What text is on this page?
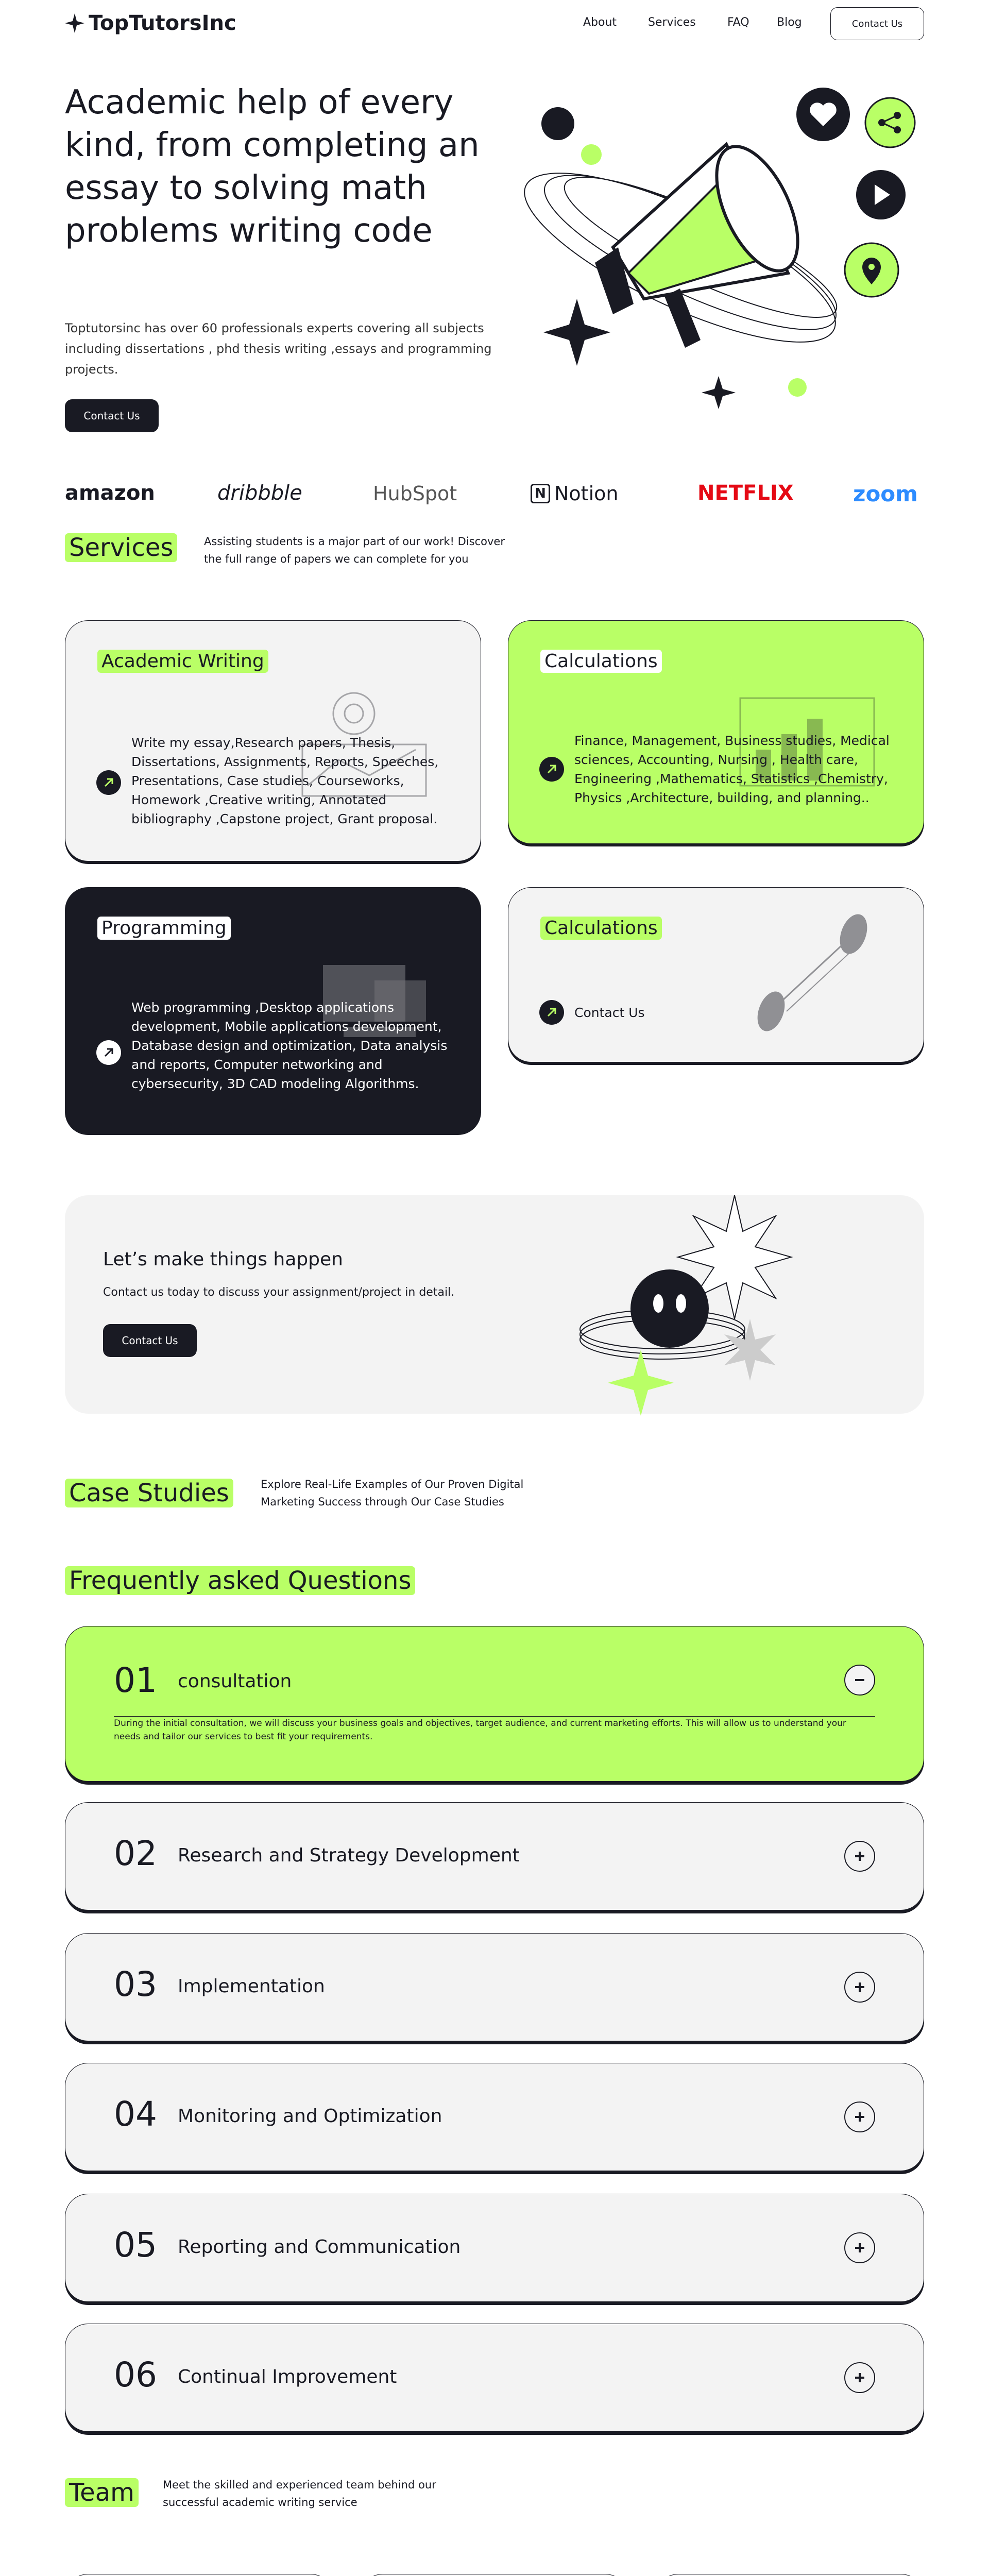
TopTutorsInc	About	Services	FAQ Blog	Contact Us
Academic help of every kind, from completing an essay to solving math problems writing code

Toptutorsinc has over 60 professionals experts covering all subjects including dissertations , phd thesis writing ,essays and programming projects.

Contact Us
amazon	dribbble	HubSpot	N Notion	NETFLIX	zoom
Services	Assisting students is a major part of our work! Discover the full range of papers we can complete for you

Academic Writing

Write my essay,Research papers, Thesis, Dissertations, Assignments, Reports, Speeches, Presentations, Case studies, Courseworks, Homework ,Creative writing, Annotated bibliography ,Capstone project, Grant proposal.

Calculations

Finance, Management, Business studies, Medical sciences, Accounting, Nursing , Health care, Engineering ,Mathematics, Statistics ,Chemistry, Physics ,Architecture, building, and planning..

Programming

Web programming ,Desktop applications development, Mobile applications development, Database design and optimization, Data analysis and reports, Computer networking and cybersecurity, 3D CAD modeling Algorithms.

Calculations
Contact Us
Let’s make things happen

Contact us today to discuss your assignment/project in detail.

Contact Us
Case Studies	Explore Real-Life Examples of Our Proven Digital Marketing Success through Our Case Studies

Frequently asked Questions
01 consultation

During the initial consultation, we will discuss your business goals and objectives, target audience, and current marketing efforts. This will allow us to understand your needs and tailor our services to best fit your requirements.

02 Research and Strategy Development
03 Implementation
04 Monitoring and Optimization
05 Reporting and Communication
06 Continual Improvement
Team	Meet the skilled and experienced team behind our successful academic writing service
